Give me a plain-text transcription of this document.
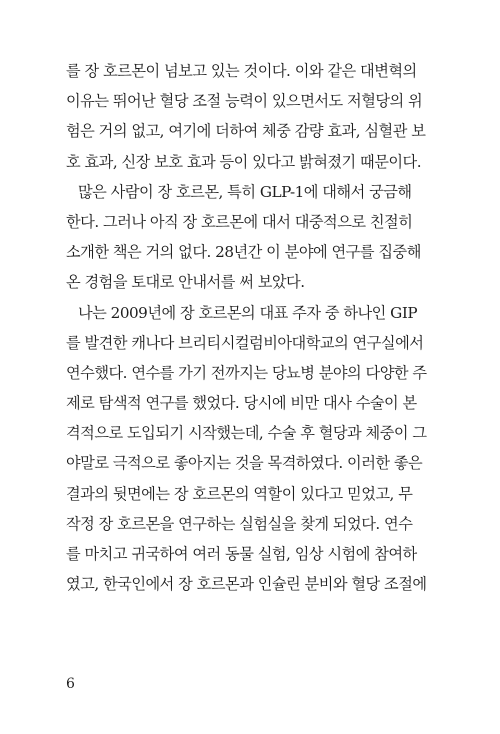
를 장 호르몬이 넘보고 있는 것이다. 이와 같은 대변혁의
이유는 뛰어난 혈당 조절 능력이 있으면서도 저혈당의 위
험은 거의 없고, 여기에 더하여 체중 감량 효과, 심혈관 보
호 효과, 신장 보호 효과 등이 있다고 밝혀졌기 때문이다.
많은 사람이 장 호르몬, 특히 GLP-1에 대해서 궁금해
한다. 그러나 아직 장 호르몬에 대서 대중적으로 친절히
소개한 책은 거의 없다. 28년간 이 분야에 연구를 집중해
온 경험을 토대로 안내서를 써 보았다.
나는 2009년에 장 호르몬의 대표 주자 중 하나인 GIP
를 발견한 캐나다 브리티시컬럼비아대학교의 연구실에서
연수했다. 연수를 가기 전까지는 당뇨병 분야의 다양한 주
제로 탐색적 연구를 했었다. 당시에 비만 대사 수술이 본
격적으로 도입되기 시작했는데, 수술 후 혈당과 체중이 그
야말로 극적으로 좋아지는 것을 목격하였다. 이러한 좋은
결과의 뒷면에는 장 호르몬의 역할이 있다고 믿었고, 무
작정 장 호르몬을 연구하는 실험실을 찾게 되었다. 연수
를 마치고 귀국하여 여러 동물 실험, 임상 시험에 참여하
였고, 한국인에서 장 호르몬과 인슐린 분비와 혈당 조절에
6
